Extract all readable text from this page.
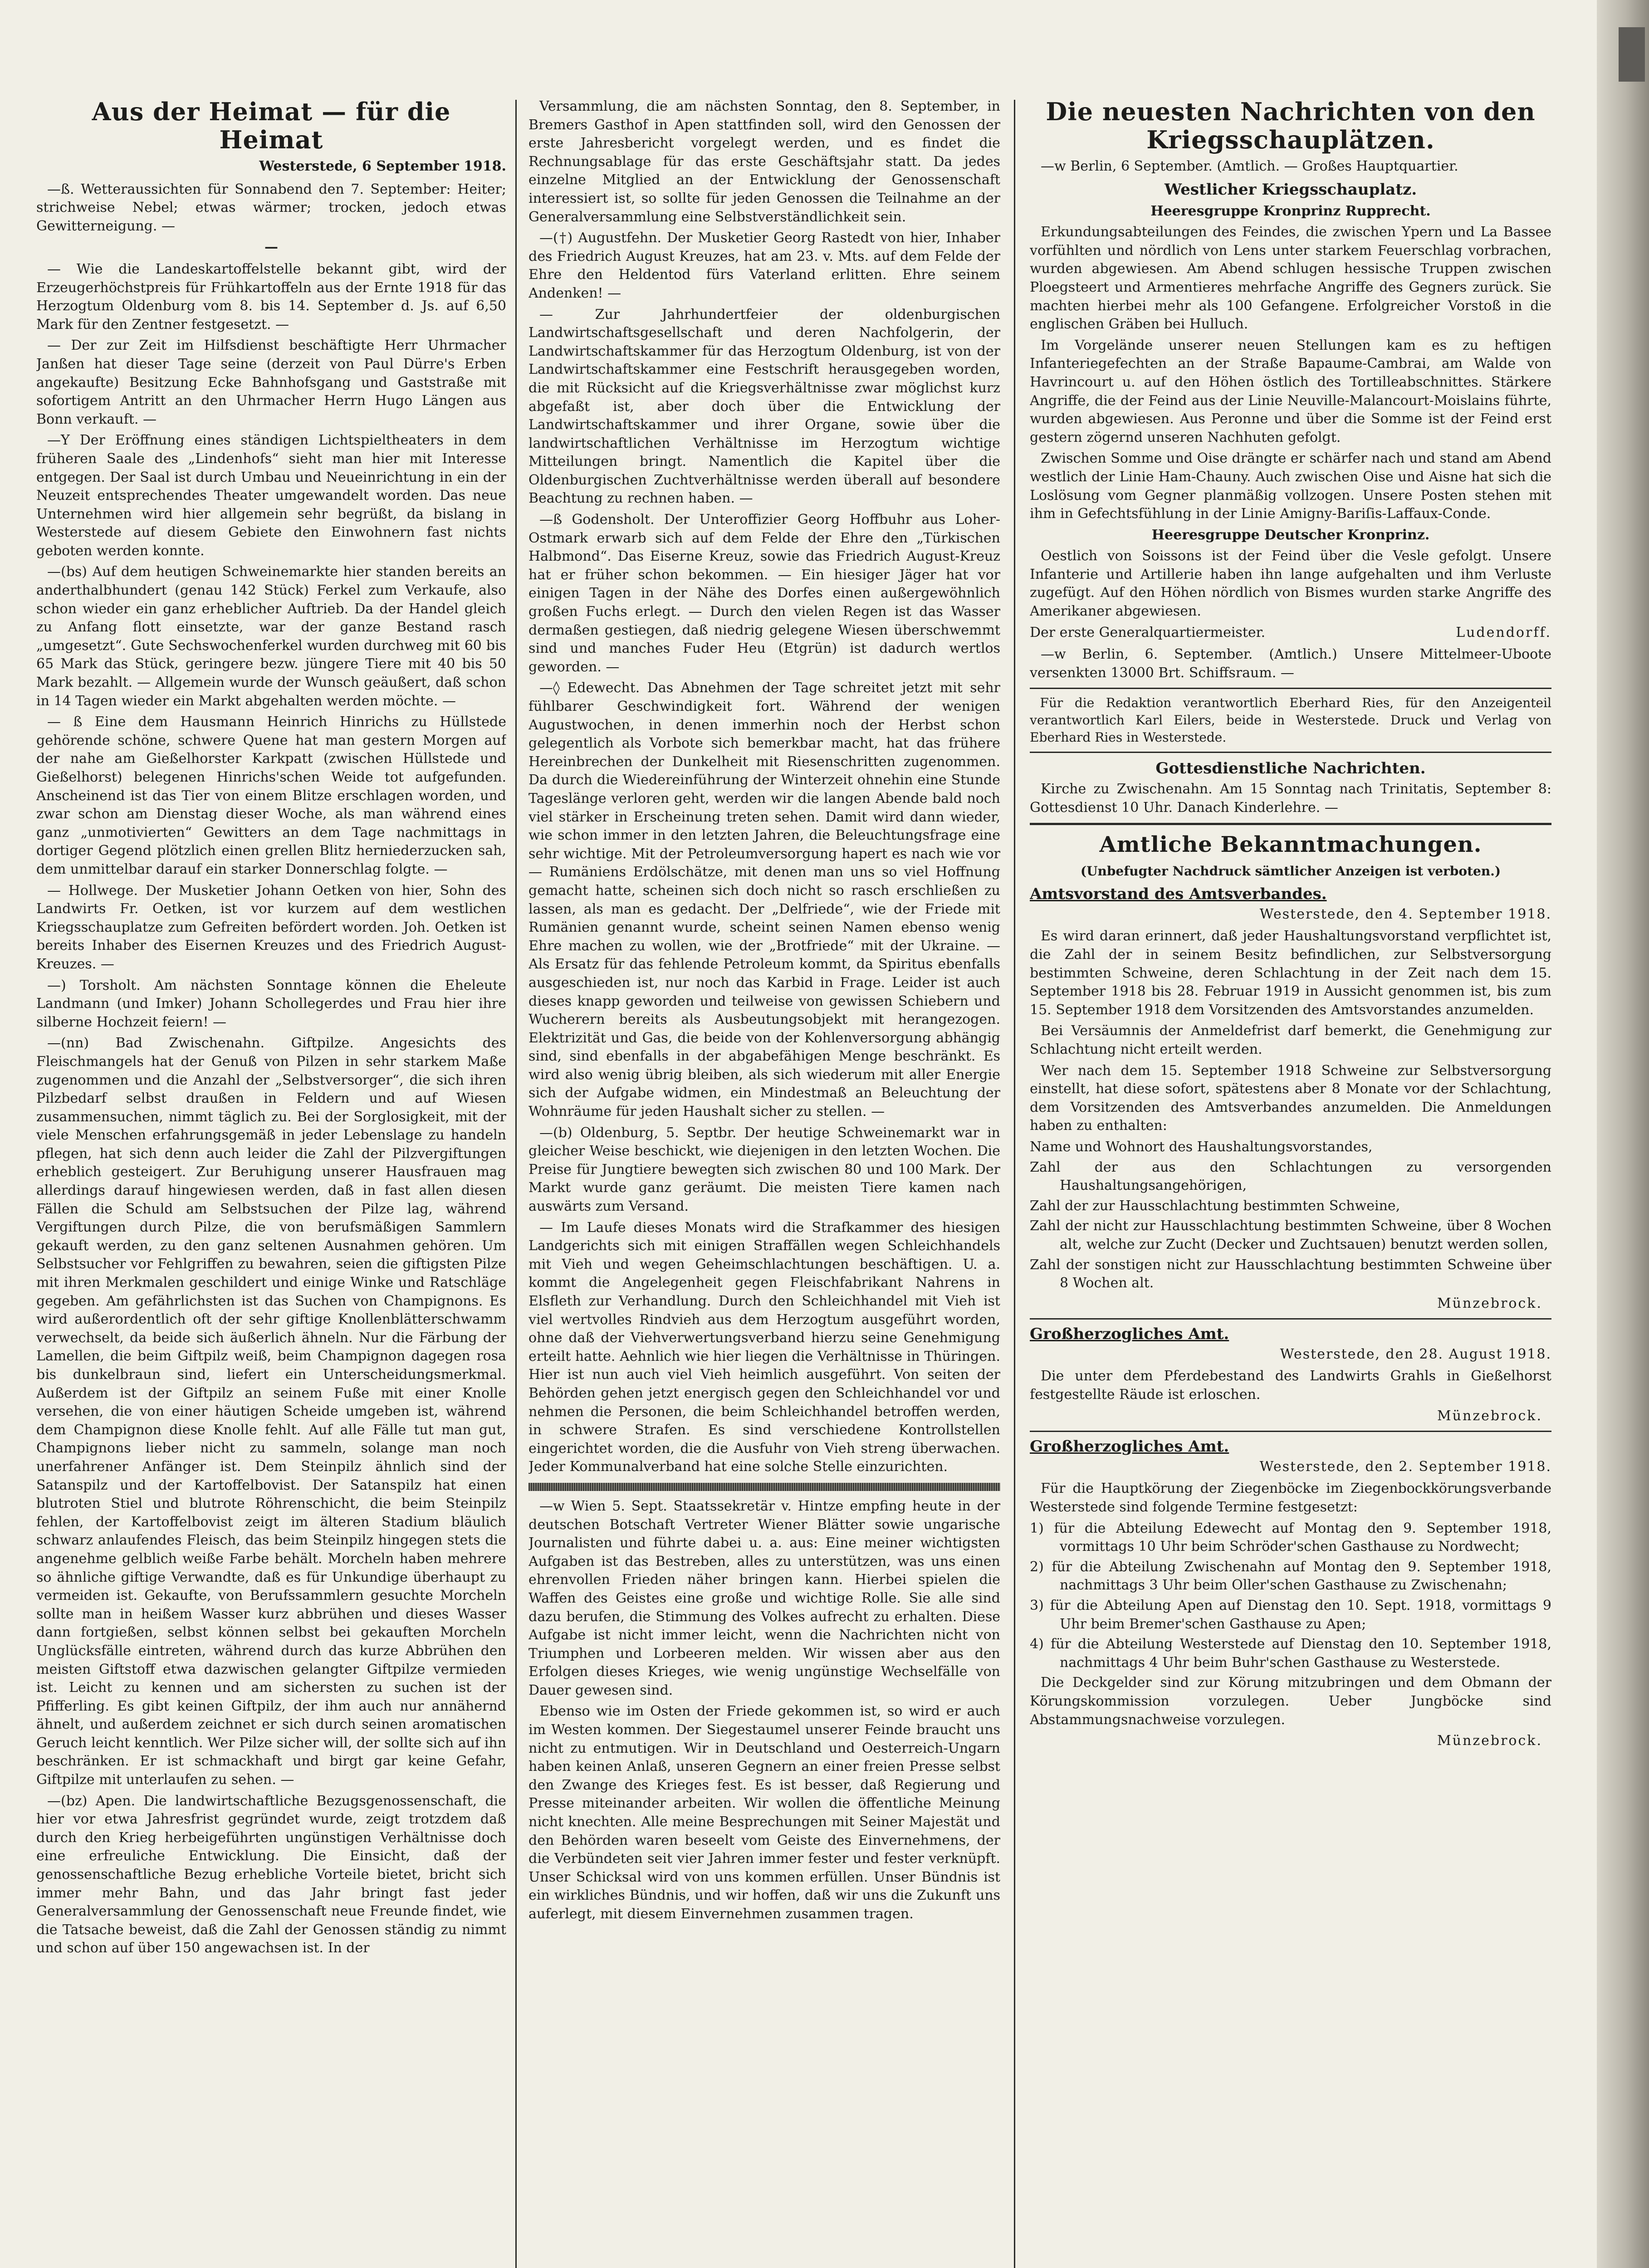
Aus der Heimat — für die Heimat
Westerstede, 6 September 1918.

—ß. Wetteraussichten für Sonnabend den 7. September: Heiter; strichweise Nebel; etwas wärmer; trocken, jedoch etwas Gewitterneigung. —

—

— Wie die Landeskartoffelstelle bekannt gibt, wird der Erzeugerhöchstpreis für Frühkartoffeln aus der Ernte 1918 für das Herzogtum Oldenburg vom 8. bis 14. September d. Js. auf 6,50 Mark für den Zentner festgesetzt. —

— Der zur Zeit im Hilfsdienst beschäftigte Herr Uhrmacher Janßen hat dieser Tage seine (derzeit von Paul Dürre's Erben angekaufte) Besitzung Ecke Bahnhofsgang und Gaststraße mit sofortigem Antritt an den Uhrmacher Herrn Hugo Längen aus Bonn verkauft. —

—Y Der Eröffnung eines ständigen Lichtspieltheaters in dem früheren Saale des „Lindenhofs“ sieht man hier mit Interesse entgegen. Der Saal ist durch Umbau und Neueinrichtung in ein der Neuzeit entsprechendes Theater umgewandelt worden. Das neue Unternehmen wird hier allgemein sehr begrüßt, da bislang in Westerstede auf diesem Gebiete den Einwohnern fast nichts geboten werden konnte.

—(bs) Auf dem heutigen Schweinemarkte hier standen bereits an anderthalbhundert (genau 142 Stück) Ferkel zum Verkaufe, also schon wieder ein ganz erheblicher Auftrieb. Da der Handel gleich zu Anfang flott einsetzte, war der ganze Bestand rasch „umgesetzt“. Gute Sechswochenferkel wurden durchweg mit 60 bis 65 Mark das Stück, geringere bezw. jüngere Tiere mit 40 bis 50 Mark bezahlt. — Allgemein wurde der Wunsch geäußert, daß schon in 14 Tagen wieder ein Markt abgehalten werden möchte. —

— ß Eine dem Hausmann Heinrich Hinrichs zu Hüllstede gehörende schöne, schwere Quene hat man gestern Morgen auf der nahe am Gießelhorster Karkpatt (zwischen Hüllstede und Gießelhorst) belegenen Hinrichs'schen Weide tot aufgefunden. Anscheinend ist das Tier von einem Blitze erschlagen worden, und zwar schon am Dienstag dieser Woche, als man während eines ganz „unmotivierten“ Gewitters an dem Tage nachmittags in dortiger Gegend plötzlich einen grellen Blitz herniederzucken sah, dem unmittelbar darauf ein starker Donnerschlag folgte. —

— Hollwege. Der Musketier Johann Oetken von hier, Sohn des Landwirts Fr. Oetken, ist vor kurzem auf dem westlichen Kriegsschauplatze zum Gefreiten befördert worden. Joh. Oetken ist bereits Inhaber des Eisernen Kreuzes und des Friedrich August-Kreuzes. —

—) Torsholt. Am nächsten Sonntage können die Eheleute Landmann (und Imker) Johann Schollegerdes und Frau hier ihre silberne Hochzeit feiern! —

—(nn) Bad Zwischenahn. Giftpilze. Angesichts des Fleischmangels hat der Genuß von Pilzen in sehr starkem Maße zugenommen und die Anzahl der „Selbstversorger“, die sich ihren Pilzbedarf selbst draußen in Feldern und auf Wiesen zusammensuchen, nimmt täglich zu. Bei der Sorglosigkeit, mit der viele Menschen erfahrungsgemäß in jeder Lebenslage zu handeln pflegen, hat sich denn auch leider die Zahl der Pilzvergiftungen erheblich gesteigert. Zur Beruhigung unserer Hausfrauen mag allerdings darauf hingewiesen werden, daß in fast allen diesen Fällen die Schuld am Selbstsuchen der Pilze lag, während Vergiftungen durch Pilze, die von berufsmäßigen Sammlern gekauft werden, zu den ganz seltenen Ausnahmen gehören. Um Selbstsucher vor Fehlgriffen zu bewahren, seien die giftigsten Pilze mit ihren Merkmalen geschildert und einige Winke und Ratschläge gegeben. Am gefährlichsten ist das Suchen von Champignons. Es wird außerordentlich oft der sehr giftige Knollenblätterschwamm verwechselt, da beide sich äußerlich ähneln. Nur die Färbung der Lamellen, die beim Giftpilz weiß, beim Champignon dagegen rosa bis dunkelbraun sind, liefert ein Unterscheidungsmerkmal. Außerdem ist der Giftpilz an seinem Fuße mit einer Knolle versehen, die von einer häutigen Scheide umgeben ist, während dem Champignon diese Knolle fehlt. Auf alle Fälle tut man gut, Champignons lieber nicht zu sammeln, solange man noch unerfahrener Anfänger ist. Dem Steinpilz ähnlich sind der Satanspilz und der Kartoffelbovist. Der Satanspilz hat einen blutroten Stiel und blutrote Röhrenschicht, die beim Steinpilz fehlen, der Kartoffelbovist zeigt im älteren Stadium bläulich schwarz anlaufendes Fleisch, das beim Steinpilz hingegen stets die angenehme gelblich weiße Farbe behält. Morcheln haben mehrere so ähnliche giftige Verwandte, daß es für Unkundige überhaupt zu vermeiden ist. Gekaufte, von Berufssammlern gesuchte Morcheln sollte man in heißem Wasser kurz abbrühen und dieses Wasser dann fortgießen, selbst können selbst bei gekauften Morcheln Unglücksfälle eintreten, während durch das kurze Abbrühen den meisten Giftstoff etwa dazwischen gelangter Giftpilze vermieden ist. Leicht zu kennen und am sichersten zu suchen ist der Pfifferling. Es gibt keinen Giftpilz, der ihm auch nur annähernd ähnelt, und außerdem zeichnet er sich durch seinen aromatischen Geruch leicht kenntlich. Wer Pilze sicher will, der sollte sich auf ihn beschränken. Er ist schmackhaft und birgt gar keine Gefahr, Giftpilze mit unterlaufen zu sehen. —

—(bz) Apen. Die landwirtschaftliche Bezugsgenossenschaft, die hier vor etwa Jahresfrist gegründet wurde, zeigt trotzdem daß durch den Krieg herbeigeführten ungünstigen Verhältnisse doch eine erfreuliche Entwicklung. Die Einsicht, daß der genossenschaftliche Bezug erhebliche Vorteile bietet, bricht sich immer mehr Bahn, und das Jahr bringt fast jeder Generalversammlung der Genossenschaft neue Freunde findet, wie die Tatsache beweist, daß die Zahl der Genossen ständig zu nimmt und schon auf über 150 angewachsen ist. In der

Versammlung, die am nächsten Sonntag, den 8. September, in Bremers Gasthof in Apen stattfinden soll, wird den Genossen der erste Jahresbericht vorgelegt werden, und es findet die Rechnungsablage für das erste Geschäftsjahr statt. Da jedes einzelne Mitglied an der Entwicklung der Genossenschaft interessiert ist, so sollte für jeden Genossen die Teilnahme an der Generalversammlung eine Selbstverständlichkeit sein.

—(†) Augustfehn. Der Musketier Georg Rastedt von hier, Inhaber des Friedrich August Kreuzes, hat am 23. v. Mts. auf dem Felde der Ehre den Heldentod fürs Vaterland erlitten. Ehre seinem Andenken! —

— Zur Jahrhundertfeier der oldenburgischen Landwirtschaftsgesellschaft und deren Nachfolgerin, der Landwirtschaftskammer für das Herzogtum Oldenburg, ist von der Landwirtschaftskammer eine Festschrift herausgegeben worden, die mit Rücksicht auf die Kriegsverhältnisse zwar möglichst kurz abgefaßt ist, aber doch über die Entwicklung der Landwirtschaftskammer und ihrer Organe, sowie über die landwirtschaftlichen Verhältnisse im Herzogtum wichtige Mitteilungen bringt. Namentlich die Kapitel über die Oldenburgischen Zuchtverhältnisse werden überall auf besondere Beachtung zu rechnen haben. —

—ß Godensholt. Der Unteroffizier Georg Hoffbuhr aus Loher-Ostmark erwarb sich auf dem Felde der Ehre den „Türkischen Halbmond“. Das Eiserne Kreuz, sowie das Friedrich August-Kreuz hat er früher schon bekommen. — Ein hiesiger Jäger hat vor einigen Tagen in der Nähe des Dorfes einen außergewöhnlich großen Fuchs erlegt. — Durch den vielen Regen ist das Wasser dermaßen gestiegen, daß niedrig gelegene Wiesen überschwemmt sind und manches Fuder Heu (Etgrün) ist dadurch wertlos geworden. —

—◊ Edewecht. Das Abnehmen der Tage schreitet jetzt mit sehr fühlbarer Geschwindigkeit fort. Während der wenigen Augustwochen, in denen immerhin noch der Herbst schon gelegentlich als Vorbote sich bemerkbar macht, hat das frühere Hereinbrechen der Dunkelheit mit Riesenschritten zugenommen. Da durch die Wiedereinführung der Winterzeit ohnehin eine Stunde Tageslänge verloren geht, werden wir die langen Abende bald noch viel stärker in Erscheinung treten sehen. Damit wird dann wieder, wie schon immer in den letzten Jahren, die Beleuchtungsfrage eine sehr wichtige. Mit der Petroleumversorgung hapert es nach wie vor — Rumäniens Erdölschätze, mit denen man uns so viel Hoffnung gemacht hatte, scheinen sich doch nicht so rasch erschließen zu lassen, als man es gedacht. Der „Delfriede“, wie der Friede mit Rumänien genannt wurde, scheint seinen Namen ebenso wenig Ehre machen zu wollen, wie der „Brotfriede“ mit der Ukraine. — Als Ersatz für das fehlende Petroleum kommt, da Spiritus ebenfalls ausgeschieden ist, nur noch das Karbid in Frage. Leider ist auch dieses knapp geworden und teilweise von gewissen Schiebern und Wucherern bereits als Ausbeutungsobjekt mit herangezogen. Elektrizität und Gas, die beide von der Kohlenversorgung abhängig sind, sind ebenfalls in der abgabefähigen Menge beschränkt. Es wird also wenig übrig bleiben, als sich wiederum mit aller Energie sich der Aufgabe widmen, ein Mindestmaß an Beleuchtung der Wohnräume für jeden Haushalt sicher zu stellen. —

—(b) Oldenburg, 5. Septbr. Der heutige Schweinemarkt war in gleicher Weise beschickt, wie diejenigen in den letzten Wochen. Die Preise für Jungtiere bewegten sich zwischen 80 und 100 Mark. Der Markt wurde ganz geräumt. Die meisten Tiere kamen nach auswärts zum Versand.

— Im Laufe dieses Monats wird die Strafkammer des hiesigen Landgerichts sich mit einigen Straffällen wegen Schleichhandels mit Vieh und wegen Geheimschlachtungen beschäftigen. U. a. kommt die Angelegenheit gegen Fleischfabrikant Nahrens in Elsfleth zur Verhandlung. Durch den Schleichhandel mit Vieh ist viel wertvolles Rindvieh aus dem Herzogtum ausgeführt worden, ohne daß der Viehverwertungsverband hierzu seine Genehmigung erteilt hatte. Aehnlich wie hier liegen die Verhältnisse in Thüringen. Hier ist nun auch viel Vieh heimlich ausgeführt. Von seiten der Behörden gehen jetzt energisch gegen den Schleichhandel vor und nehmen die Personen, die beim Schleichhandel betroffen werden, in schwere Strafen. Es sind verschiedene Kontrollstellen eingerichtet worden, die die Ausfuhr von Vieh streng überwachen. Jeder Kommunalverband hat eine solche Stelle einzurichten.

—w Wien 5. Sept. Staatssekretär v. Hintze empfing heute in der deutschen Botschaft Vertreter Wiener Blätter sowie ungarische Journalisten und führte dabei u. a. aus: Eine meiner wichtigsten Aufgaben ist das Bestreben, alles zu unterstützen, was uns einen ehrenvollen Frieden näher bringen kann. Hierbei spielen die Waffen des Geistes eine große und wichtige Rolle. Sie alle sind dazu berufen, die Stimmung des Volkes aufrecht zu erhalten. Diese Aufgabe ist nicht immer leicht, wenn die Nachrichten nicht von Triumphen und Lorbeeren melden. Wir wissen aber aus den Erfolgen dieses Krieges, wie wenig ungünstige Wechselfälle von Dauer gewesen sind.

Ebenso wie im Osten der Friede gekommen ist, so wird er auch im Westen kommen. Der Siegestaumel unserer Feinde braucht uns nicht zu entmutigen. Wir in Deutschland und Oesterreich-Ungarn haben keinen Anlaß, unseren Gegnern an einer freien Presse selbst den Zwange des Krieges fest. Es ist besser, daß Regierung und Presse miteinander arbeiten. Wir wollen die öffentliche Meinung nicht knechten. Alle meine Besprechungen mit Seiner Majestät und den Behörden waren beseelt vom Geiste des Einvernehmens, der die Verbündeten seit vier Jahren immer fester und fester verknüpft. Unser Schicksal wird von uns kommen erfüllen. Unser Bündnis ist ein wirkliches Bündnis, und wir hoffen, daß wir uns die Zukunft uns auferlegt, mit diesem Einvernehmen zusammen tragen.

Die neuesten Nachrichten von den Kriegsschauplätzen.

—w Berlin, 6 September. (Amtlich. — Großes Hauptquartier.

Westlicher Kriegsschauplatz.
Heeresgruppe Kronprinz Rupprecht.

Erkundungsabteilungen des Feindes, die zwischen Ypern und La Bassee vorfühlten und nördlich von Lens unter starkem Feuerschlag vorbrachen, wurden abgewiesen. Am Abend schlugen hessische Truppen zwischen Ploegsteert und Armentieres mehrfache Angriffe des Gegners zurück. Sie machten hierbei mehr als 100 Gefangene. Erfolgreicher Vorstoß in die englischen Gräben bei Hulluch.

Im Vorgelände unserer neuen Stellungen kam es zu heftigen Infanteriegefechten an der Straße Bapaume-Cambrai, am Walde von Havrincourt u. auf den Höhen östlich des Tortillеabschnittes. Stärkere Angriffe, die der Feind aus der Linie Neuville-Malancourt-Moislains führte, wurden abgewiesen. Aus Peronne und über die Somme ist der Feind erst gestern zögernd unseren Nachhuten gefolgt.

Zwischen Somme und Oise drängte er schärfer nach und stand am Abend westlich der Linie Ham-Chauny. Auch zwischen Oise und Aisne hat sich die Loslösung vom Gegner planmäßig vollzogen. Unsere Posten stehen mit ihm in Gefechtsfühlung in der Linie Amigny-Bariſis-Laffaux-Conde.

Heeresgruppe Deutscher Kronprinz.

Oestlich von Soissons ist der Feind über die Vesle gefolgt. Unsere Infanterie und Artillerie haben ihn lange aufgehalten und ihm Verluste zugefügt. Auf den Höhen nördlich von Bismes wurden starke Angriffe des Amerikaner abgewiesen.

Der erste Generalquartiermeister.	Ludendorff.

—w Berlin, 6. September. (Amtlich.) Unsere Mittelmeer-Uboote versenkten 13000 Brt. Schiffsraum. —

Für die Redaktion verantwortlich Eberhard Ries, für den Anzeigenteil verantwortlich Karl Eilers, beide in Westerstede. Druck und Verlag von Eberhard Ries in Westerstede.

Gottesdienstliche Nachrichten.

Kirche zu Zwischenahn. Am 15 Sonntag nach Trinitatis, September 8: Gottesdienst 10 Uhr. Danach Kinderlehre. —

Amtliche Bekanntmachungen.
(Unbefugter Nachdruck sämtlicher Anzeigen ist verboten.)
Amtsvorstand des Amtsverbandes.
Westerstede, den 4. September 1918.

Es wird daran erinnert, daß jeder Haushaltungsvorstand verpflichtet ist, die Zahl der in seinem Besitz befindlichen, zur Selbstversorgung bestimmten Schweine, deren Schlachtung in der Zeit nach dem 15. September 1918 bis 28. Februar 1919 in Aussicht genommen ist, bis zum 15. September 1918 dem Vorsitzenden des Amtsvorstandes anzumelden.

Bei Versäumnis der Anmeldefrist darf bemerkt, die Genehmigung zur Schlachtung nicht erteilt werden.

Wer nach dem 15. September 1918 Schweine zur Selbstversorgung einstellt, hat diese sofort, spätestens aber 8 Monate vor der Schlachtung, dem Vorsitzenden des Amtsverbandes anzumelden. Die Anmeldungen haben zu enthalten:

Name und Wohnort des Haushaltungsvorstandes,
Zahl der aus den Schlachtungen zu versorgenden Haushaltungsangehörigen,
Zahl der zur Hausschlachtung bestimmten Schweine,
Zahl der nicht zur Hausschlachtung bestimmten Schweine, über 8 Wochen alt, welche zur Zucht (Decker und Zuchtsauen) benutzt werden sollen,
Zahl der sonstigen nicht zur Hausschlachtung bestimmten Schweine über 8 Wochen alt.
Münzebrock.
Großherzogliches Amt.
Westerstede, den 28. August 1918.

Die unter dem Pferdebestand des Landwirts Grahls in Gießelhorst festgestellte Räude ist erloschen.

Münzebrock.
Großherzogliches Amt.
Westerstede, den 2. September 1918.

Für die Hauptkörung der Ziegenböcke im Ziegenbockkörungsverbande Westerstede sind folgende Termine festgesetzt:

1) für die Abteilung Edewecht auf Montag den 9. September 1918, vormittags 10 Uhr beim Schröder'schen Gasthause zu Nordwecht;
2) für die Abteilung Zwischenahn auf Montag den 9. September 1918, nachmittags 3 Uhr beim Oller'schen Gasthause zu Zwischenahn;
3) für die Abteilung Apen auf Dienstag den 10. Sept. 1918, vormittags 9 Uhr beim Bremer'schen Gasthause zu Apen;
4) für die Abteilung Westerstede auf Dienstag den 10. September 1918, nachmittags 4 Uhr beim Buhr'schen Gasthause zu Westerstede.

Die Deckgelder sind zur Körung mitzubringen und dem Obmann der Körungskommission vorzulegen. Ueber Jungböcke sind Abstammungsnachweise vorzulegen.

Münzebrock.
